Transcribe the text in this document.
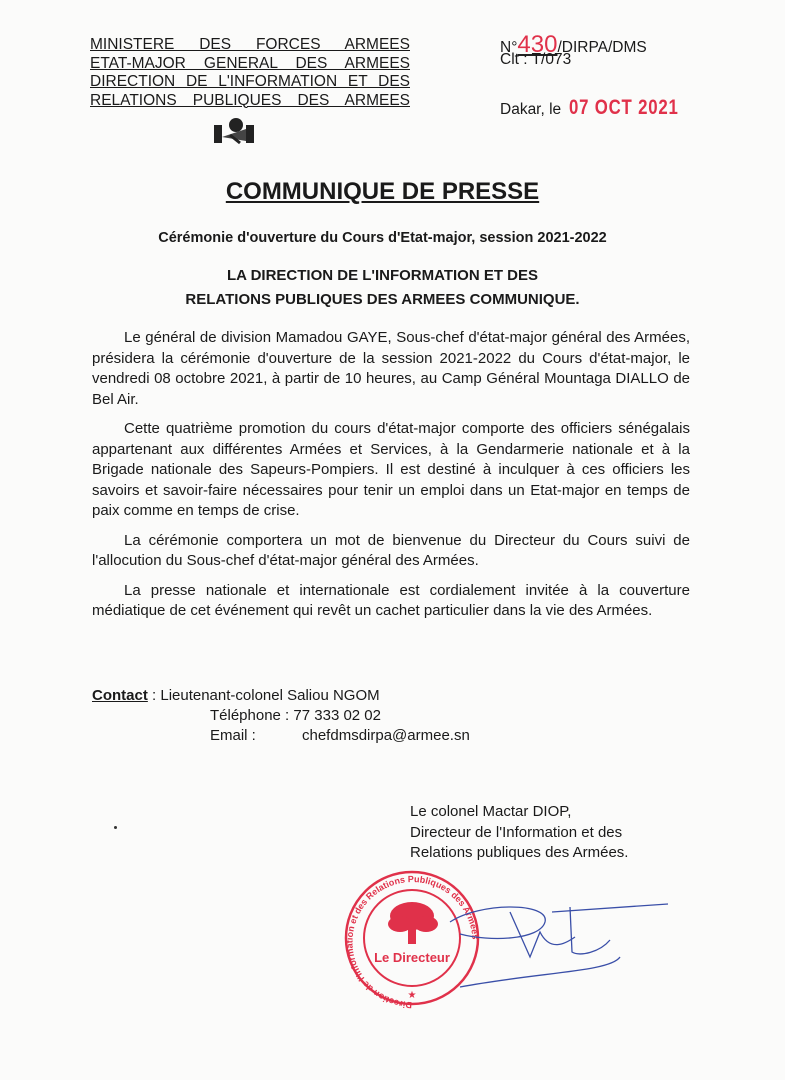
MINISTERE DES FORCES ARMEES
ETAT-MAJOR GENERAL DES ARMEES
DIRECTION DE L'INFORMATION ET DES
RELATIONS PUBLIQUES DES ARMEES
N°430/DIRPA/DMS
Clt : T/073
Dakar, le 07 OCT 2021
COMMUNIQUE DE PRESSE
Cérémonie d'ouverture du Cours d'Etat-major, session 2021-2022
LA DIRECTION DE L'INFORMATION ET DES
RELATIONS PUBLIQUES DES ARMEES COMMUNIQUE.

Le général de division Mamadou GAYE, Sous-chef d'état-major général des Armées, présidera la cérémonie d'ouverture de la session 2021-2022 du Cours d'état-major, le vendredi 08 octobre 2021, à partir de 10 heures, au Camp Général Mountaga DIALLO de Bel Air.

Cette quatrième promotion du cours d'état-major comporte des officiers sénégalais appartenant aux différentes Armées et Services, à la Gendarmerie nationale et à la Brigade nationale des Sapeurs-Pompiers. Il est destiné à inculquer à ces officiers les savoirs et savoir-faire nécessaires pour tenir un emploi dans un Etat-major en temps de paix comme en temps de crise.

La cérémonie comportera un mot de bienvenue du Directeur du Cours suivi de l'allocution du Sous-chef d'état-major général des Armées.

La presse nationale et internationale est cordialement invitée à la couverture médiatique de cet événement qui revêt un cachet particulier dans la vie des Armées.

Contact : Lieutenant-colonel Saliou NGOM
Téléphone : 77 333 02 02
Email :	chefdmsdirpa@armee.sn
Le colonel Mactar DIOP,
Directeur de l'Information et des
Relations publiques des Armées.
Direction de l'Information et des Relations Publiques des Armées
Le Directeur
★
